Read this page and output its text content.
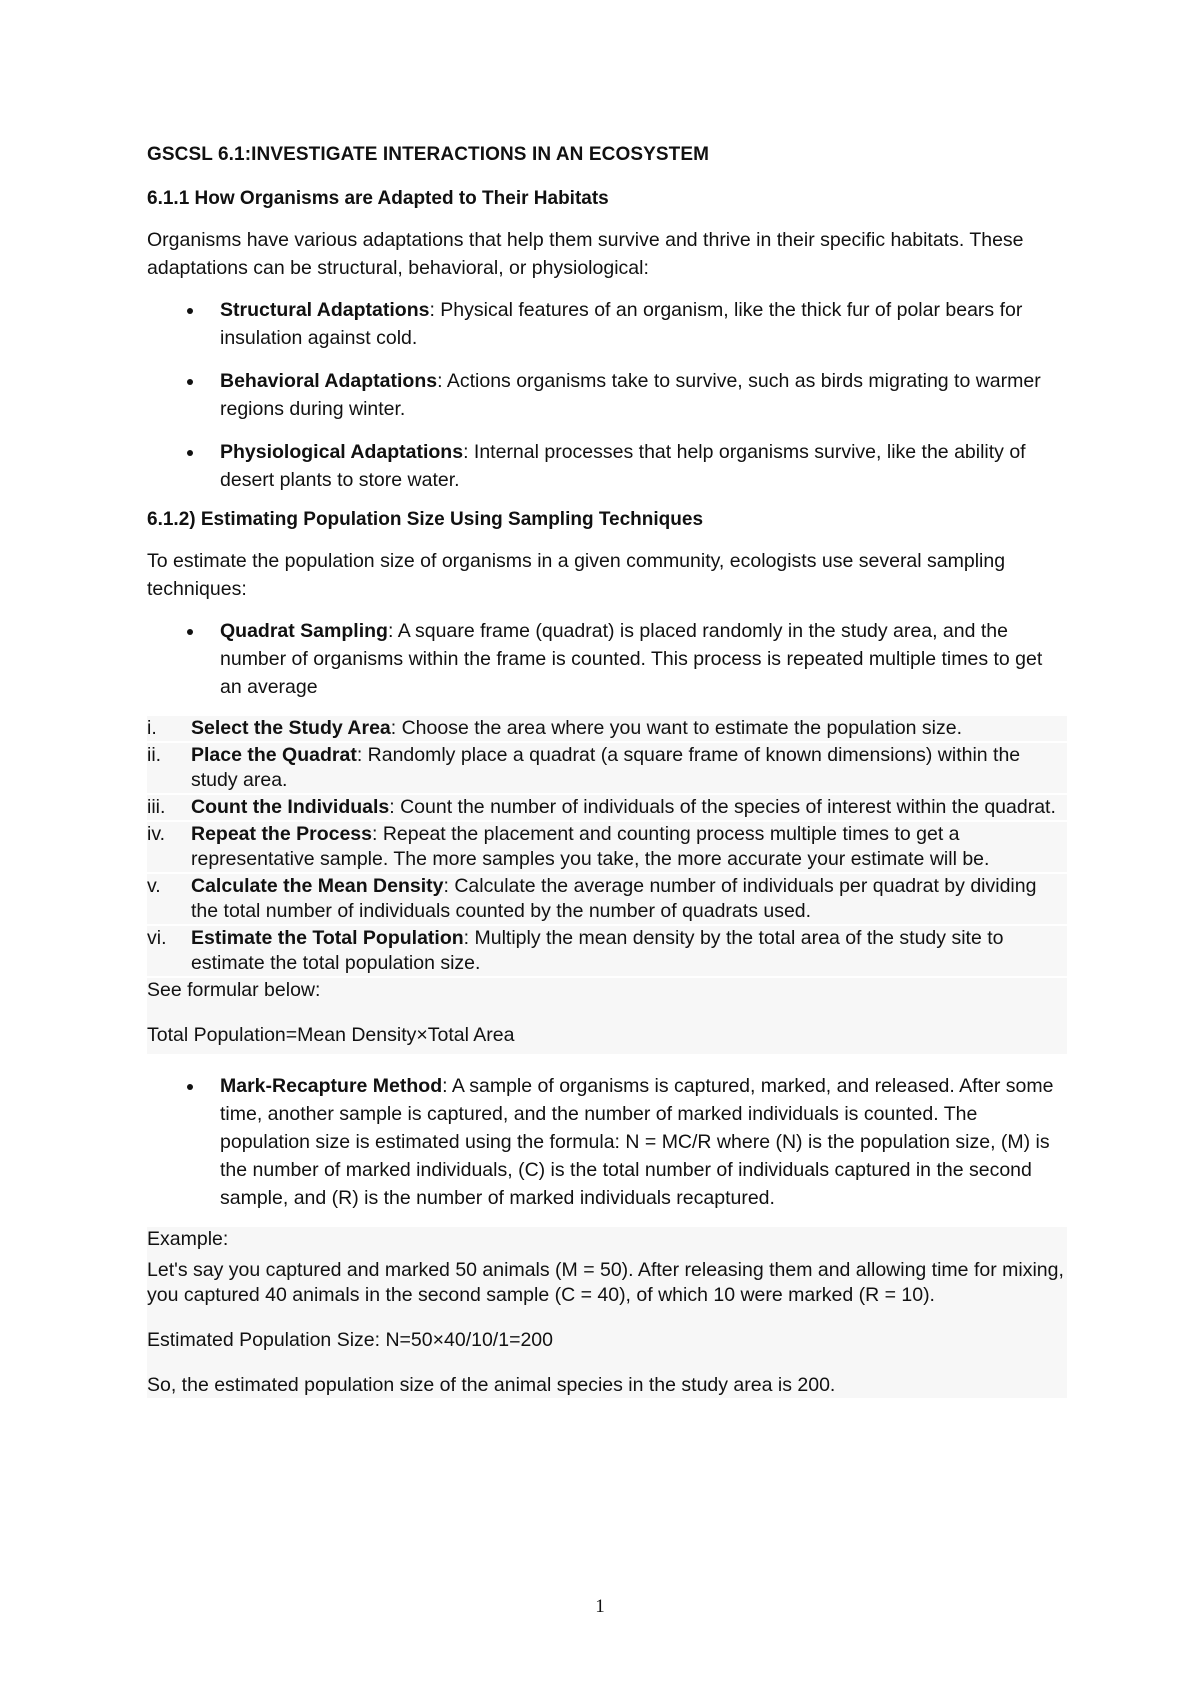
GSCSL 6.1:INVESTIGATE INTERACTIONS IN AN ECOSYSTEM
6.1.1 How Organisms are Adapted to Their Habitats

Organisms have various adaptations that help them survive and thrive in their specific habitats. These adaptations can be structural, behavioral, or physiological:

Structural Adaptations: Physical features of an organism, like the thick fur of polar bears for insulation against cold.
Behavioral Adaptations: Actions organisms take to survive, such as birds migrating to warmer regions during winter.
Physiological Adaptations: Internal processes that help organisms survive, like the ability of desert plants to store water.
6.1.2) Estimating Population Size Using Sampling Techniques

To estimate the population size of organisms in a given community, ecologists use several sampling techniques:

Quadrat Sampling: A square frame (quadrat) is placed randomly in the study area, and the number of organisms within the frame is counted. This process is repeated multiple times to get an average
i. Select the Study Area: Choose the area where you want to estimate the population size.
ii. Place the Quadrat: Randomly place a quadrat (a square frame of known dimensions) within the study area.
iii. Count the Individuals: Count the number of individuals of the species of interest within the quadrat.
iv. Repeat the Process: Repeat the placement and counting process multiple times to get a representative sample. The more samples you take, the more accurate your estimate will be.
v. Calculate the Mean Density: Calculate the average number of individuals per quadrat by dividing the total number of individuals counted by the number of quadrats used.
vi. Estimate the Total Population: Multiply the mean density by the total area of the study site to estimate the total population size.

See formular below:

Total Population=Mean Density×Total Area

Mark-Recapture Method: A sample of organisms is captured, marked, and released. After some time, another sample is captured, and the number of marked individuals is counted. The population size is estimated using the formula: N = MC/R where (N) is the population size, (M) is the number of marked individuals, (C) is the total number of individuals captured in the second sample, and (R) is the number of marked individuals recaptured.

Example:

Let's say you captured and marked 50 animals (M = 50). After releasing them and allowing time for mixing, you captured 40 animals in the second sample (C = 40), of which 10 were marked (R = 10).

Estimated Population Size: N=50×40/10/1=200

So, the estimated population size of the animal species in the study area is 200.

1
